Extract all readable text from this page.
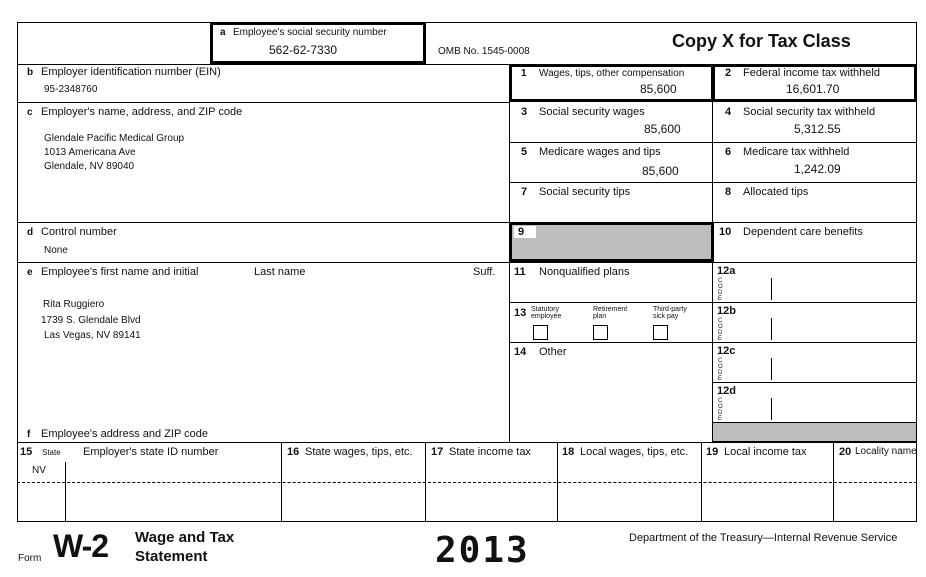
a Employee's social security number
562-62-7330	OMB No. 1545-0008
Copy X for Tax Class
b Employer identification number (EIN)
95-2348760
1 Wages, tips, other compensation
85,600
2 Federal income tax withheld
16,601.70
c Employer's name, address, and ZIP code
Glendale Pacific Medical Group
1013 Americana Ave
Glendale, NV 89040
3 Social security wages
85,600
4 Social security tax withheld
5,312.55
5 Medicare wages and tips
85,600
6 Medicare tax withheld
1,242.09
7 Social security tips	8 Allocated tips
d Control number
None
9	10 Dependent care benefits
e Employee's first name and initial	Last name	Suff.
Rita Ruggiero
1739 S. Glendale Blvd
Las Vegas, NV 89141
f Employee's address and ZIP code
11 Nonqualified plans
13 Statutory
employee
Retirement
plan
Third-party
sick pay
14 Other
12a
C
O
D
E
12b
C
O
D
E
12c
C
O
D
E
12d
C
O
D
E
15 State Employer's state ID number
NV
16 State wages, tips, etc. 17 State income tax	18 Local wages, tips, etc. 19 Local income tax	20 Locality name
Form W-2 Wage and Tax
Statement	2013	Department of the Treasury—Internal Revenue Service
